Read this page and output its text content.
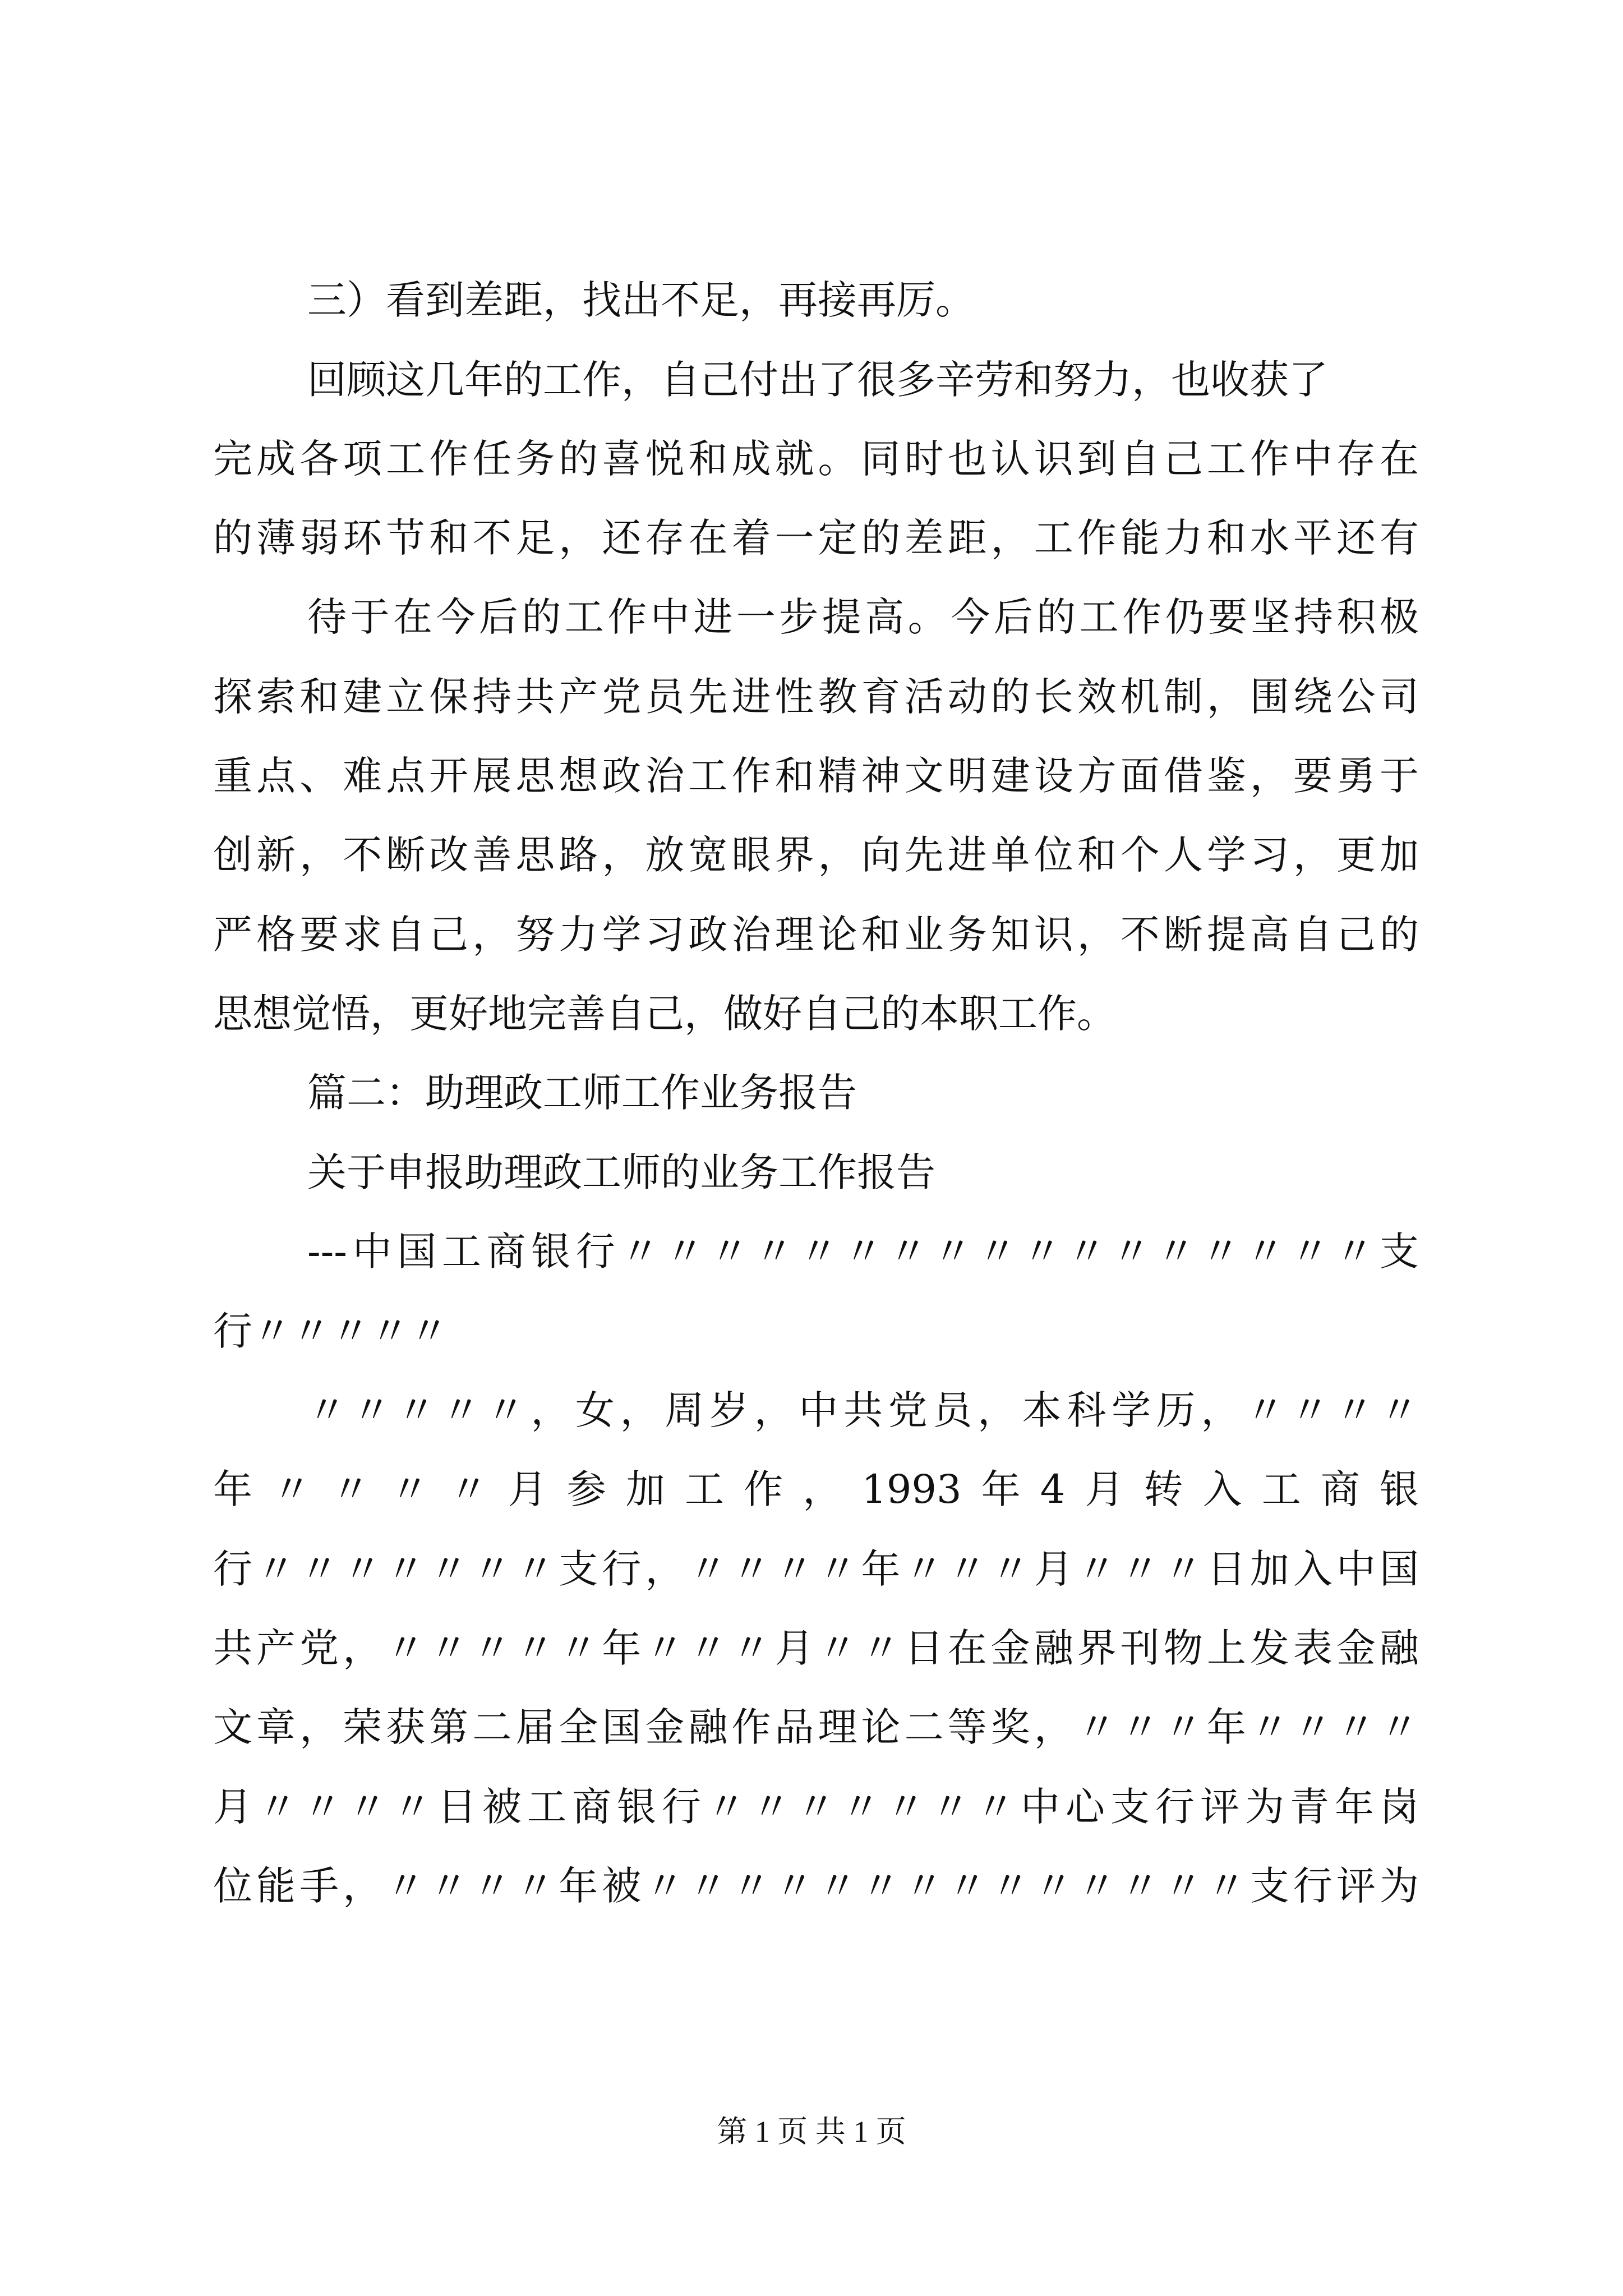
三）看到差距，找出不足，再接再厉。
回顾这几年的工作，自己付出了很多辛劳和努力，也收获了
完成各项工作任务的喜悦和成就。同时也认识到自己工作中存在
的薄弱环节和不足，还存在着一定的差距，工作能力和水平还有
待于在今后的工作中进一步提高。今后的工作仍要坚持积极
探索和建立保持共产党员先进性教育活动的长效机制，围绕公司
重点、难点开展思想政治工作和精神文明建设方面借鉴，要勇于
创新，不断改善思路，放宽眼界，向先进单位和个人学习，更加
严格要求自己，努力学习政治理论和业务知识，不断提高自己的
思想觉悟，更好地完善自己，做好自己的本职工作。
篇二：助理政工师工作业务报告
关于申报助理政工师的业务工作报告
---中国工商银行〃〃〃〃〃〃〃〃〃〃〃〃〃〃〃〃〃支
行〃〃〃〃〃
〃〃〃〃〃，女，周岁，中共党员，本科学历，〃〃〃〃
年〃〃〃〃月参加工作，1993年4月转入工商银
行〃〃〃〃〃〃〃支行，〃〃〃〃年〃〃〃月〃〃〃日加入中国
共产党，〃〃〃〃〃年〃〃〃月〃〃日在金融界刊物上发表金融
文章，荣获第二届全国金融作品理论二等奖，〃〃〃年〃〃〃〃
月〃〃〃〃日被工商银行〃〃〃〃〃〃〃中心支行评为青年岗
位能手，〃〃〃〃年被〃〃〃〃〃〃〃〃〃〃〃〃〃〃支行评为
第 1 页 共 1 页
